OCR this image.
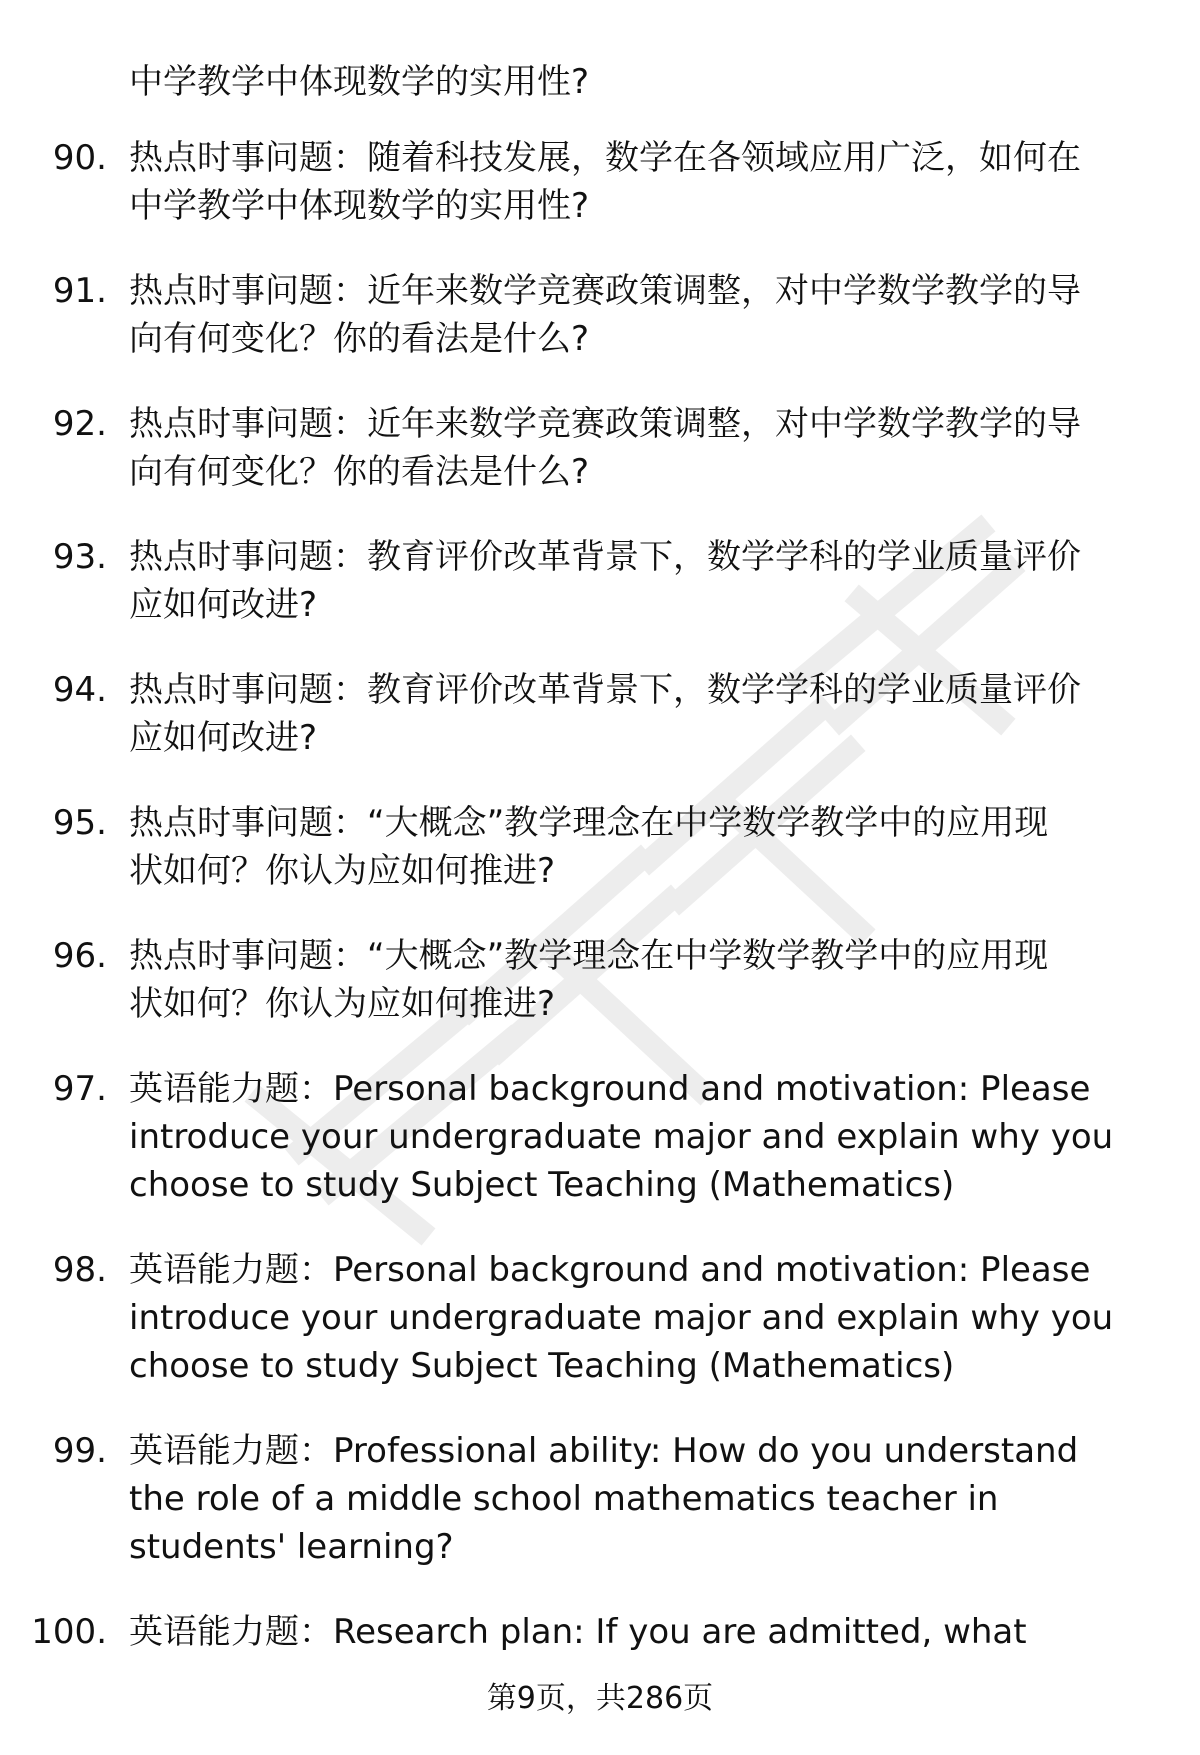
中学教学中体现数学的实用性?
90. 热点时事问题：随着科技发展，数学在各领域应用广泛，如何在
中学教学中体现数学的实用性?
91. 热点时事问题：近年来数学竞赛政策调整，对中学数学教学的导
向有何变化？你的看法是什么?
92. 热点时事问题：近年来数学竞赛政策调整，对中学数学教学的导
向有何变化？你的看法是什么?
93. 热点时事问题：教育评价改革背景下，数学学科的学业质量评价
应如何改进?
94. 热点时事问题：教育评价改革背景下，数学学科的学业质量评价
应如何改进?
95. 热点时事问题：“大概念”教学理念在中学数学教学中的应用现
状如何？你认为应如何推进?
96. 热点时事问题：“大概念”教学理念在中学数学教学中的应用现
状如何？你认为应如何推进?
97. 英语能力题：Personal background and motivation: Please
introduce your undergraduate major and explain why you
choose to study Subject Teaching (Mathematics)
98. 英语能力题：Personal background and motivation: Please
introduce your undergraduate major and explain why you
choose to study Subject Teaching (Mathematics)
99. 英语能力题：Professional ability: How do you understand
the role of a middle school mathematics teacher in
students' learning?
100. 英语能力题：Research plan: If you are admitted, what
第9页，共286页
